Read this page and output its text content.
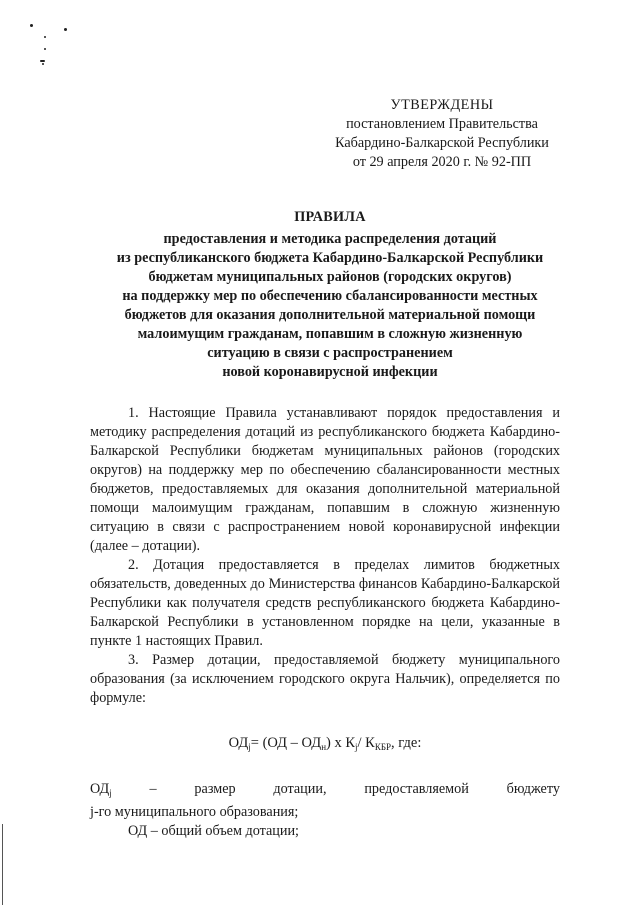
УТВЕРЖДЕНЫ
постановлением Правительства
Кабардино-Балкарской Республики
от 29 апреля 2020 г. № 92-ПП
ПРАВИЛА
предоставления и методика распределения дотаций
из республиканского бюджета Кабардино-Балкарской Республики
бюджетам муниципальных районов (городских округов)
на поддержку мер по обеспечению сбалансированности местных
бюджетов для оказания дополнительной материальной помощи
малоимущим гражданам, попавшим в сложную жизненную
ситуацию в связи с распространением
новой коронавирусной инфекции

1. Настоящие Правила устанавливают порядок предоставления и методику распределения дотаций из республиканского бюджета Кабардино-Балкарской Республики бюджетам муниципальных районов (городских округов) на поддержку мер по обеспечению сбалансированности местных бюджетов, предоставляемых для оказания дополнительной материальной помощи малоимущим гражданам, попавшим в сложную жизненную ситуацию в связи с распространением новой коронавирусной инфекции (далее – дотации).

2. Дотация предоставляется в пределах лимитов бюджетных обязательств, доведенных до Министерства финансов Кабардино-Балкарской Республики как получателя средств республиканского бюджета Кабардино-Балкарской Республики в установленном порядке на цели, указанные в пункте 1 настоящих Правил.

3. Размер дотации, предоставляемой бюджету муниципального образования (за исключением городского округа Нальчик), определяется по формуле:

$ОД_j= (ОД - ОД_н)$ х $К_j/$ $К_{КБР}$, где:
$ОД_j$	–	размер	дотации,	предоставляемой	бюджету
j-го муниципального образования;
ОД – общий объем дотации;
